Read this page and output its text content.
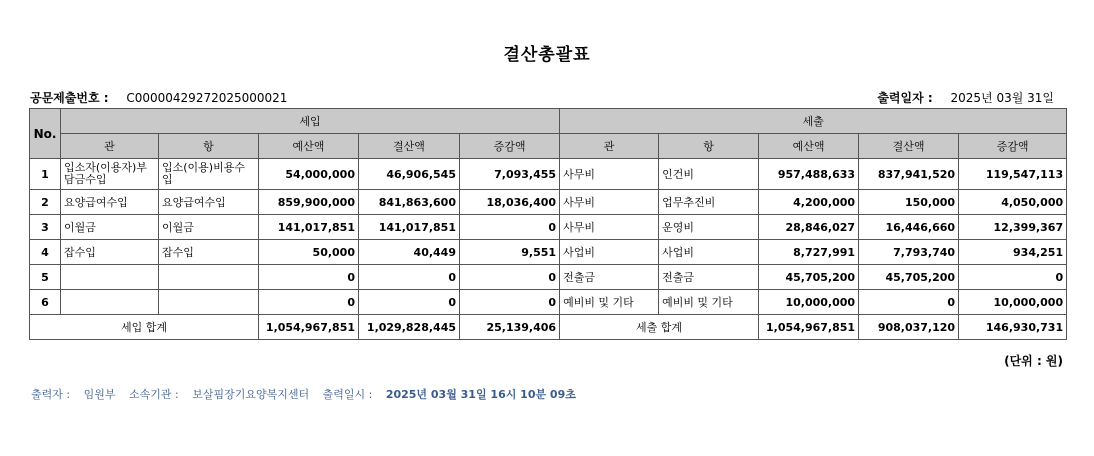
결산총괄표
공문제출번호 : C00000429272025000021	출력일자 : 2025년 03월 31일
No.	세입					세출				
	관	항	예산액	결산액	증감액	관	항	예산액	결산액	증감액
1	입소자(이용자)부담금수입	입소(이용)비용수입	54,000,000	46,906,545	7,093,455	사무비	인건비	957,488,633	837,941,520	119,547,113
2	요양급여수입	요양급여수입	859,900,000	841,863,600	18,036,400	사무비	업무추진비	4,200,000	150,000	4,050,000
3	이월금	이월금	141,017,851	141,017,851	0	사무비	운영비	28,846,027	16,446,660	12,399,367
4	잡수입	잡수입	50,000	40,449	9,551	사업비	사업비	8,727,991	7,793,740	934,251
5			0	0	0	전출금	전출금	45,705,200	45,705,200	0
6			0	0	0	예비비 및 기타	예비비 및 기타	10,000,000	0	10,000,000
세입 합계			1,054,967,851	1,029,828,445	25,139,406	세출 합계		1,054,967,851	908,037,120	146,930,731
(단위 : 원)
출력자 : 임원부 소속기관 : 보살핌장기요양복지센터 출력일시 : 2025년 03월 31일 16시 10분 09초
